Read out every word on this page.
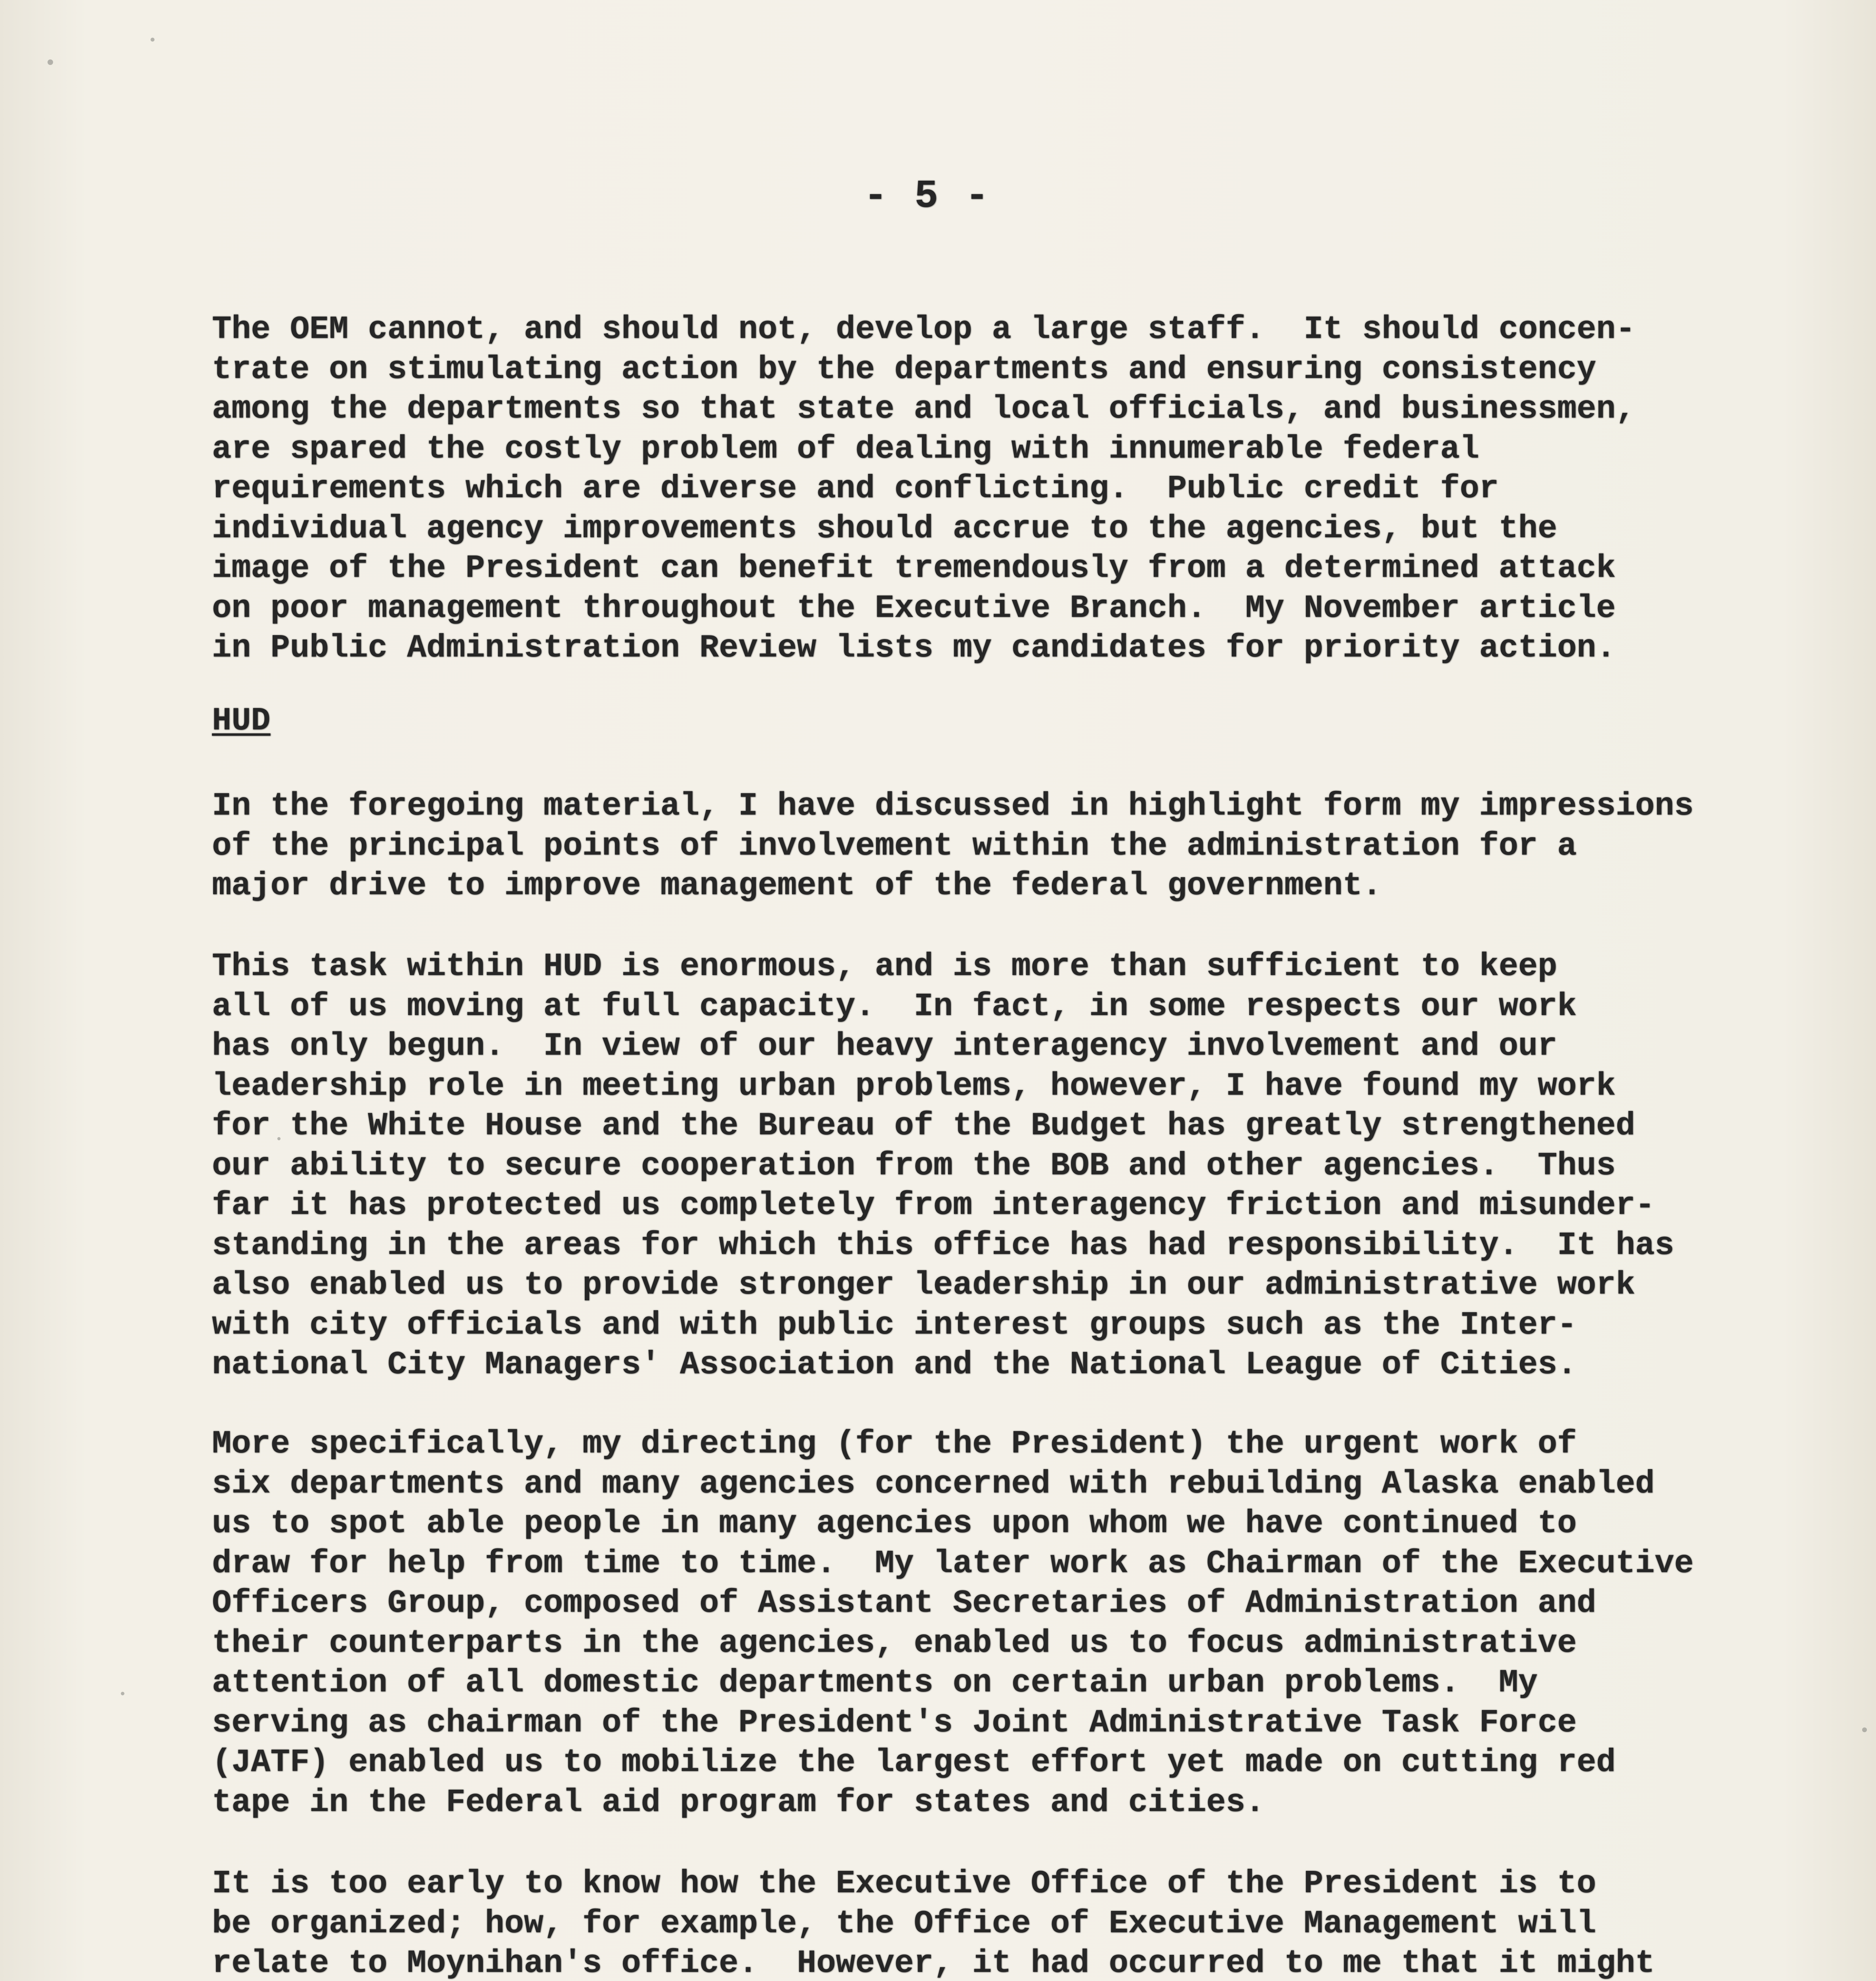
- 5 -

The OEM cannot, and should not, develop a large staff.  It should concen-
trate on stimulating action by the departments and ensuring consistency
among the departments so that state and local officials, and businessmen,
are spared the costly problem of dealing with innumerable federal
requirements which are diverse and conflicting.  Public credit for
individual agency improvements should accrue to the agencies, but the
image of the President can benefit tremendously from a determined attack
on poor management throughout the Executive Branch.  My November article
in Public Administration Review lists my candidates for priority action.

HUD

In the foregoing material, I have discussed in highlight form my impressions
of the principal points of involvement within the administration for a
major drive to improve management of the federal government.
This task within HUD is enormous, and is more than sufficient to keep
all of us moving at full capacity.  In fact, in some respects our work
has only begun.  In view of our heavy interagency involvement and our
leadership role in meeting urban problems, however, I have found my work
for the White House and the Bureau of the Budget has greatly strengthened
our ability to secure cooperation from the BOB and other agencies.  Thus
far it has protected us completely from interagency friction and misunder-
standing in the areas for which this office has had responsibility.  It has
also enabled us to provide stronger leadership in our administrative work
with city officials and with public interest groups such as the Inter-
national City Managers' Association and the National League of Cities.
More specifically, my directing (for the President) the urgent work of
six departments and many agencies concerned with rebuilding Alaska enabled
us to spot able people in many agencies upon whom we have continued to
draw for help from time to time.  My later work as Chairman of the Executive
Officers Group, composed of Assistant Secretaries of Administration and
their counterparts in the agencies, enabled us to focus administrative
attention of all domestic departments on certain urban problems.  My
serving as chairman of the President's Joint Administrative Task Force
(JATF) enabled us to mobilize the largest effort yet made on cutting red
tape in the Federal aid program for states and cities.
It is too early to know how the Executive Office of the President is to
be organized; how, for example, the Office of Executive Management will
relate to Moynihan's office.  However, it had occurred to me that it might
